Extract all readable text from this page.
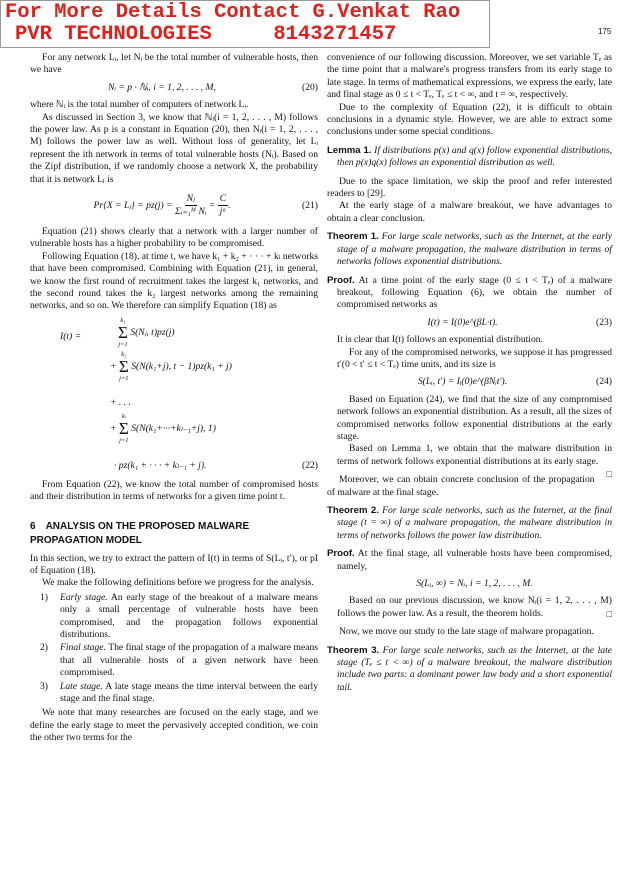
For More Details Contact G.Venkat Rao
PVR TECHNOLOGIES     8143271457	175

For any network Lᵢ, let Nᵢ be the total number of vulnerable hosts, then we have

Nᵢ = p · ℕᵢ, i = 1, 2, . . . , M,	(20)

where ℕᵢ is the total number of computers of network Lᵢ.

As discussed in Section 3, we know that ℕᵢ(i = 1, 2, . . . , M) follows the power law. As p is a constant in Equation (20), then Nᵢ(i = 1, 2, . . . , M) follows the power law as well. Without loss of generality, let Lᵢ represent the ith network in terms of total vulnerable hosts (Nᵢ). Based on the Zipf distribution, if we randomly choose a network X, the probability that it is network Lⱼ is

Pr{X = Lⱼ} = $pz(j) = \frac{\text{Nⱼ}}{\text{Σᵢ₌₁ᴹ Nᵢ}} = \frac{C}{\text{jᵅ}}$ .	(21)

Equation (21) shows clearly that a network with a larger number of vulnerable hosts has a higher probability to be compromised.

Following Equation (18), at time t, we have k₁ + k₂ + · · · + kₗ networks that have been compromised. Combining with Equation (21), in general, we know the first round of recruitment takes the largest k₁ networks, and the second round takes the k₂ largest networks among the remaining networks, and so on. We therefore can simplify Equation (18) as

I(t) =
k₁
Σ
j=1
S(Nⱼ, t)pz(j)
+
k₂
Σ
j=1
S(N(k₁+j), t − 1)pz(k₁ + j)
+ . . .
+
kₗ
Σ
j=1
S(N(k₁+···+kₗ₋₁+j), 1)
· pz(k₁ + · · · + kₗ₋₁ + j).	(22)

From Equation (22), we know the total number of compromised hosts and their distribution in terms of networks for a given time point t.

6 ANALYSIS ON THE PROPOSED MALWARE PROPAGATION MODEL

In this section, we try to extract the pattern of I(t) in terms of S(Lᵢ, t′), or pI of Equation (18).

We make the following definitions before we progress for the analysis.

1) Early stage. An early stage of the breakout of a malware means only a small percentage of vulnerable hosts have been compromised, and the propagation follows exponential distributions.
2) Final stage. The final stage of the propagation of a malware means that all vulnerable hosts of a given network have been compromised.
3) Late stage. A late stage means the time interval between the early stage and the final stage.

We note that many researches are focused on the early stage, and we define the early stage to meet the pervasively accepted condition, we coin the other two terms for the

convenience of our following discussion. Moreover, we set variable Tₑ as the time point that a malware's progress transfers from its early stage to late stage. In terms of mathematical expressions, we express the early, late and final stage as 0 ≤ t < Tₑ, Tₑ ≤ t < ∞, and t = ∞, respectively.

Due to the complexity of Equation (22), it is difficult to obtain conclusions in a dynamic style. However, we are able to extract some conclusions under some special conditions.

Lemma 1. If distributions p(x) and q(x) follow exponential distributions, then p(x)q(x) follows an exponential distribution as well.

Due to the space limitation, we skip the proof and refer interested readers to [29].

At the early stage of a malware breakout, we have advantages to obtain a clear conclusion.

Theorem 1. For large scale networks, such as the Internet, at the early stage of a malware propagation, the malware distribution in terms of networks follows exponential distributions.

Proof. At a time point of the early stage (0 ≤ t < Tₑ) of a malware breakout, following Equation (6), we obtain the number of compromised networks as

I(t) = I(0)e^(βL·t).	(23)

It is clear that I(t) follows an exponential distribution.

For any of the compromised networks, we suppose it has progressed t′(0 < t′ ≤ t < Tₑ) time units, and its size is

S(Lᵢ, t′) = Iᵢ(0)e^(βNᵢt′).	(24)

Based on Equation (24), we find that the size of any compromised network follows an exponential distribution. As a result, all the sizes of compromised networks follow exponential distributions at the early stage.

Based on Lemma 1, we obtain that the malware distribution in terms of network follows exponential distributions at its early stage.
□

Moreover, we can obtain concrete conclusion of the propagation of malware at the final stage.

Theorem 2. For large scale networks, such as the Internet, at the final stage (t = ∞) of a malware propagation, the malware distribution in terms of networks follows the power law distribution.

Proof. At the final stage, all vulnerable hosts have been compromised, namely,

S(Lᵢ, ∞) = Nᵢ, i = 1, 2, . . . , M.

Based on our previous discussion, we know Nᵢ(i = 1, 2, . . . , M) follows the power law. As a result, the theorem holds.	□

Now, we move our study to the late stage of malware propagation.

Theorem 3. For large scale networks, such as the Internet, at the late stage (Tₑ ≤ t < ∞) of a malware breakout, the malware distribution include two parts: a dominant power law body and a short exponential tail.
